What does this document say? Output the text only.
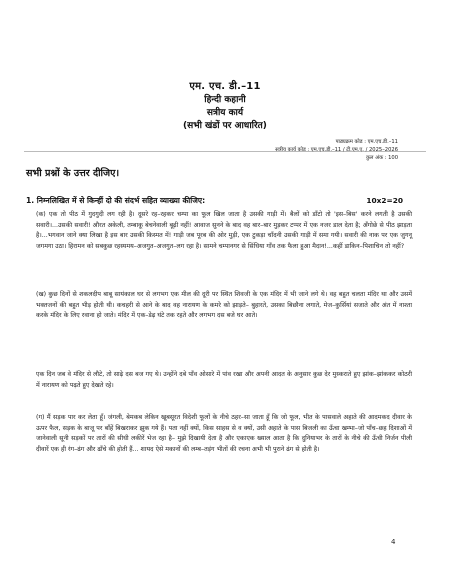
एम. एच. डी.–11
हिन्दी कहानी
सत्रीय कार्य
(सभी खंडों पर आधारित)
पाठ्यक्रम कोड : एम.एच.डी.–11
सत्रीय कार्य कोड : एम.एच.डी.–11 / टी.एम.ए. / 2025–2026
कुल अंक : 100
सभी प्रश्नों के उत्तर दीजिए।
1. निम्नलिखित में से किन्हीं दो की संदर्भ सहित व्याख्या कीजिए:	10x2=20
(क) एक तो पीठ में गुदगुदी लग रही है। दूसरे रह–रहकर चम्पा का फूल खिल जाता है उसकी गाड़ी में। बैलों को डाँटो तो 'इस–बिस' करने लगती है उसकी सवारी।...उसकी सवारी! औरत अकेली, तम्बाकू बेचनेवाली बूढ़ी नहीं! आवाज सुनने के बाद वह बार–बार मुड़कर टप्पर में एक नजर डाल देता है; अँगोछे से पीठ झाड़ता है।...भगवान जाने क्या लिखा है इस बार उसकी किस्मत में! गाड़ी जब पूरब की ओर मुड़ी, एक टुकड़ा चाँदनी उसकी गाड़ी में समा गयी। सवारी की नाक पर एक जुगनू जगमगा उठा। हिरामन को सबकुछ रहस्यमय–अजगुत–अजगुत–लग रहा है। सामने चम्पानगर से सिंधिया गाँव तक फैला हुआ मैदान!...कहीं डाकिन–पिशाचिन तो नहीं?
(ख) कुछ दिनों से शकलदीप बाबू सायंकाल घर से लगभग एक मील की दूरी पर स्थित शिवजी के एक मंदिर में भी जाने लगे थे। वह बहुत चलता मंदिर था और उसमें भक्तजनों की बहुत भीड़ होती थी। कचहरी से आने के बाद वह नारायण के कमरे को झाड़ते– बुहारते, उसका बिछौना लगाते, मेज–कुर्सियां सजाते और अंत में नाश्ता करके मंदिर के लिए रवाना हो जाते। मंदिर में एक–डेढ़ घंटे तक रहते और लगभग दस बजे घर आते।
एक दिन जब वे मंदिर से लौटे, तो साढ़े दस बज गए थे। उन्होंने दबे पाँव ओसारे में पांव रखा और अपनी आदत के अनुसार कुछ देर मुस्कराते हुए झांक–झांककर कोठरी में नारायण को पढ़ते हुए देखते रहे।
(ग) मैं सड़क पार कर लेता हूँ। जंगली, बेमकब लेकिन खूबसूरत विदेशी फूलों के नीचे ठहर–सा जाता हूँ कि जो फूल, भीत के पासवाले अहाते की आदमकद दीवार के ऊपर फैल, सड़क के बाजू पर बाँहें बिखराकर झुक गये हैं। पता नहीं क्यों, किस साहस से व क्यों, उसी अहाते के पास बिजली का ऊँचा खम्भा–जो पाँच–छह दिशाओं में जानेवाली सूनी सड़कों पर तारों की सीधी लकीरें भेज रहा है– मुझे दिखायी देता है और एकाएक ख्याल आता है कि दुनियाभर के तारों के नीचे की ऊँची निर्जन पीली दीवारें एक ही रंग–ढंग और ढाँचे की होती हैं... शायद ऐसे मकानों की लम्ब–तड़ंग भीतों की रचना अभी भी पुराने ढंग से होती है।
4
